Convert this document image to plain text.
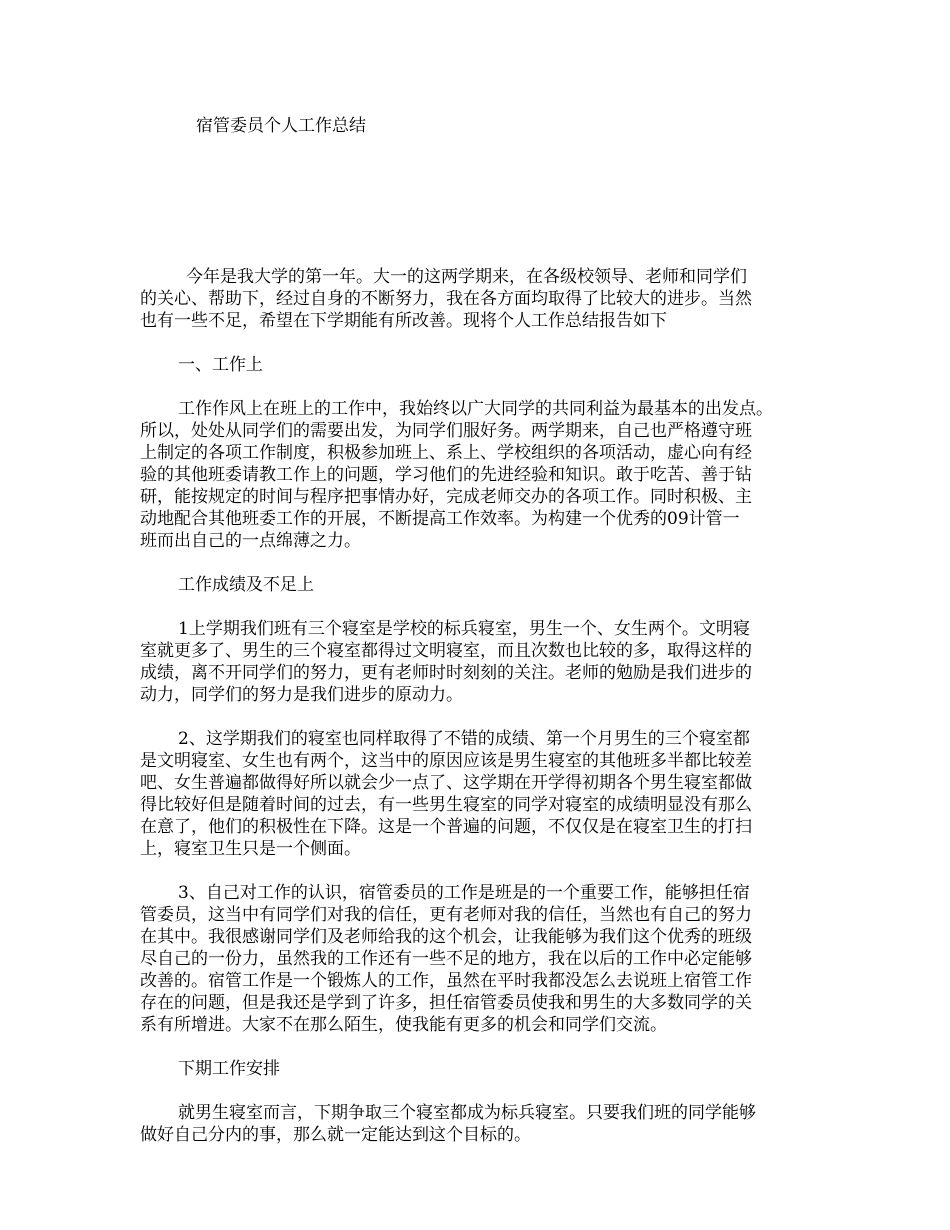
宿管委员个人工作总结
今年是我大学的第一年。大一的这两学期来，在各级校领导、老师和同学们
的关心、帮助下，经过自身的不断努力，我在各方面均取得了比较大的进步。当然
也有一些不足，希望在下学期能有所改善。现将个人工作总结报告如下
一、工作上
工作作风上在班上的工作中，我始终以广大同学的共同利益为最基本的出发点。
所以，处处从同学们的需要出发，为同学们服好务。两学期来，自己也严格遵守班
上制定的各项工作制度，积极参加班上、系上、学校组织的各项活动，虚心向有经
验的其他班委请教工作上的问题，学习他们的先进经验和知识。敢于吃苦、善于钻
研，能按规定的时间与程序把事情办好，完成老师交办的各项工作。同时积极、主
动地配合其他班委工作的开展，不断提高工作效率。为构建一个优秀的09计管一
班而出自己的一点绵薄之力。
工作成绩及不足上
1上学期我们班有三个寝室是学校的标兵寝室，男生一个、女生两个。文明寝
室就更多了、男生的三个寝室都得过文明寝室，而且次数也比较的多，取得这样的
成绩，离不开同学们的努力，更有老师时时刻刻的关注。老师的勉励是我们进步的
动力，同学们的努力是我们进步的原动力。
2、这学期我们的寝室也同样取得了不错的成绩、第一个月男生的三个寝室都
是文明寝室、女生也有两个，这当中的原因应该是男生寝室的其他班多半都比较差
吧、女生普遍都做得好所以就会少一点了、这学期在开学得初期各个男生寝室都做
得比较好但是随着时间的过去，有一些男生寝室的同学对寝室的成绩明显没有那么
在意了，他们的积极性在下降。这是一个普遍的问题，不仅仅是在寝室卫生的打扫
上，寝室卫生只是一个侧面。
3、自己对工作的认识，宿管委员的工作是班是的一个重要工作，能够担任宿
管委员，这当中有同学们对我的信任，更有老师对我的信任，当然也有自己的努力
在其中。我很感谢同学们及老师给我的这个机会，让我能够为我们这个优秀的班级
尽自己的一份力，虽然我的工作还有一些不足的地方，我在以后的工作中必定能够
改善的。宿管工作是一个锻炼人的工作，虽然在平时我都没怎么去说班上宿管工作
存在的问题，但是我还是学到了许多，担任宿管委员使我和男生的大多数同学的关
系有所增进。大家不在那么陌生，使我能有更多的机会和同学们交流。
下期工作安排
就男生寝室而言，下期争取三个寝室都成为标兵寝室。只要我们班的同学能够
做好自己分内的事，那么就一定能达到这个目标的。
